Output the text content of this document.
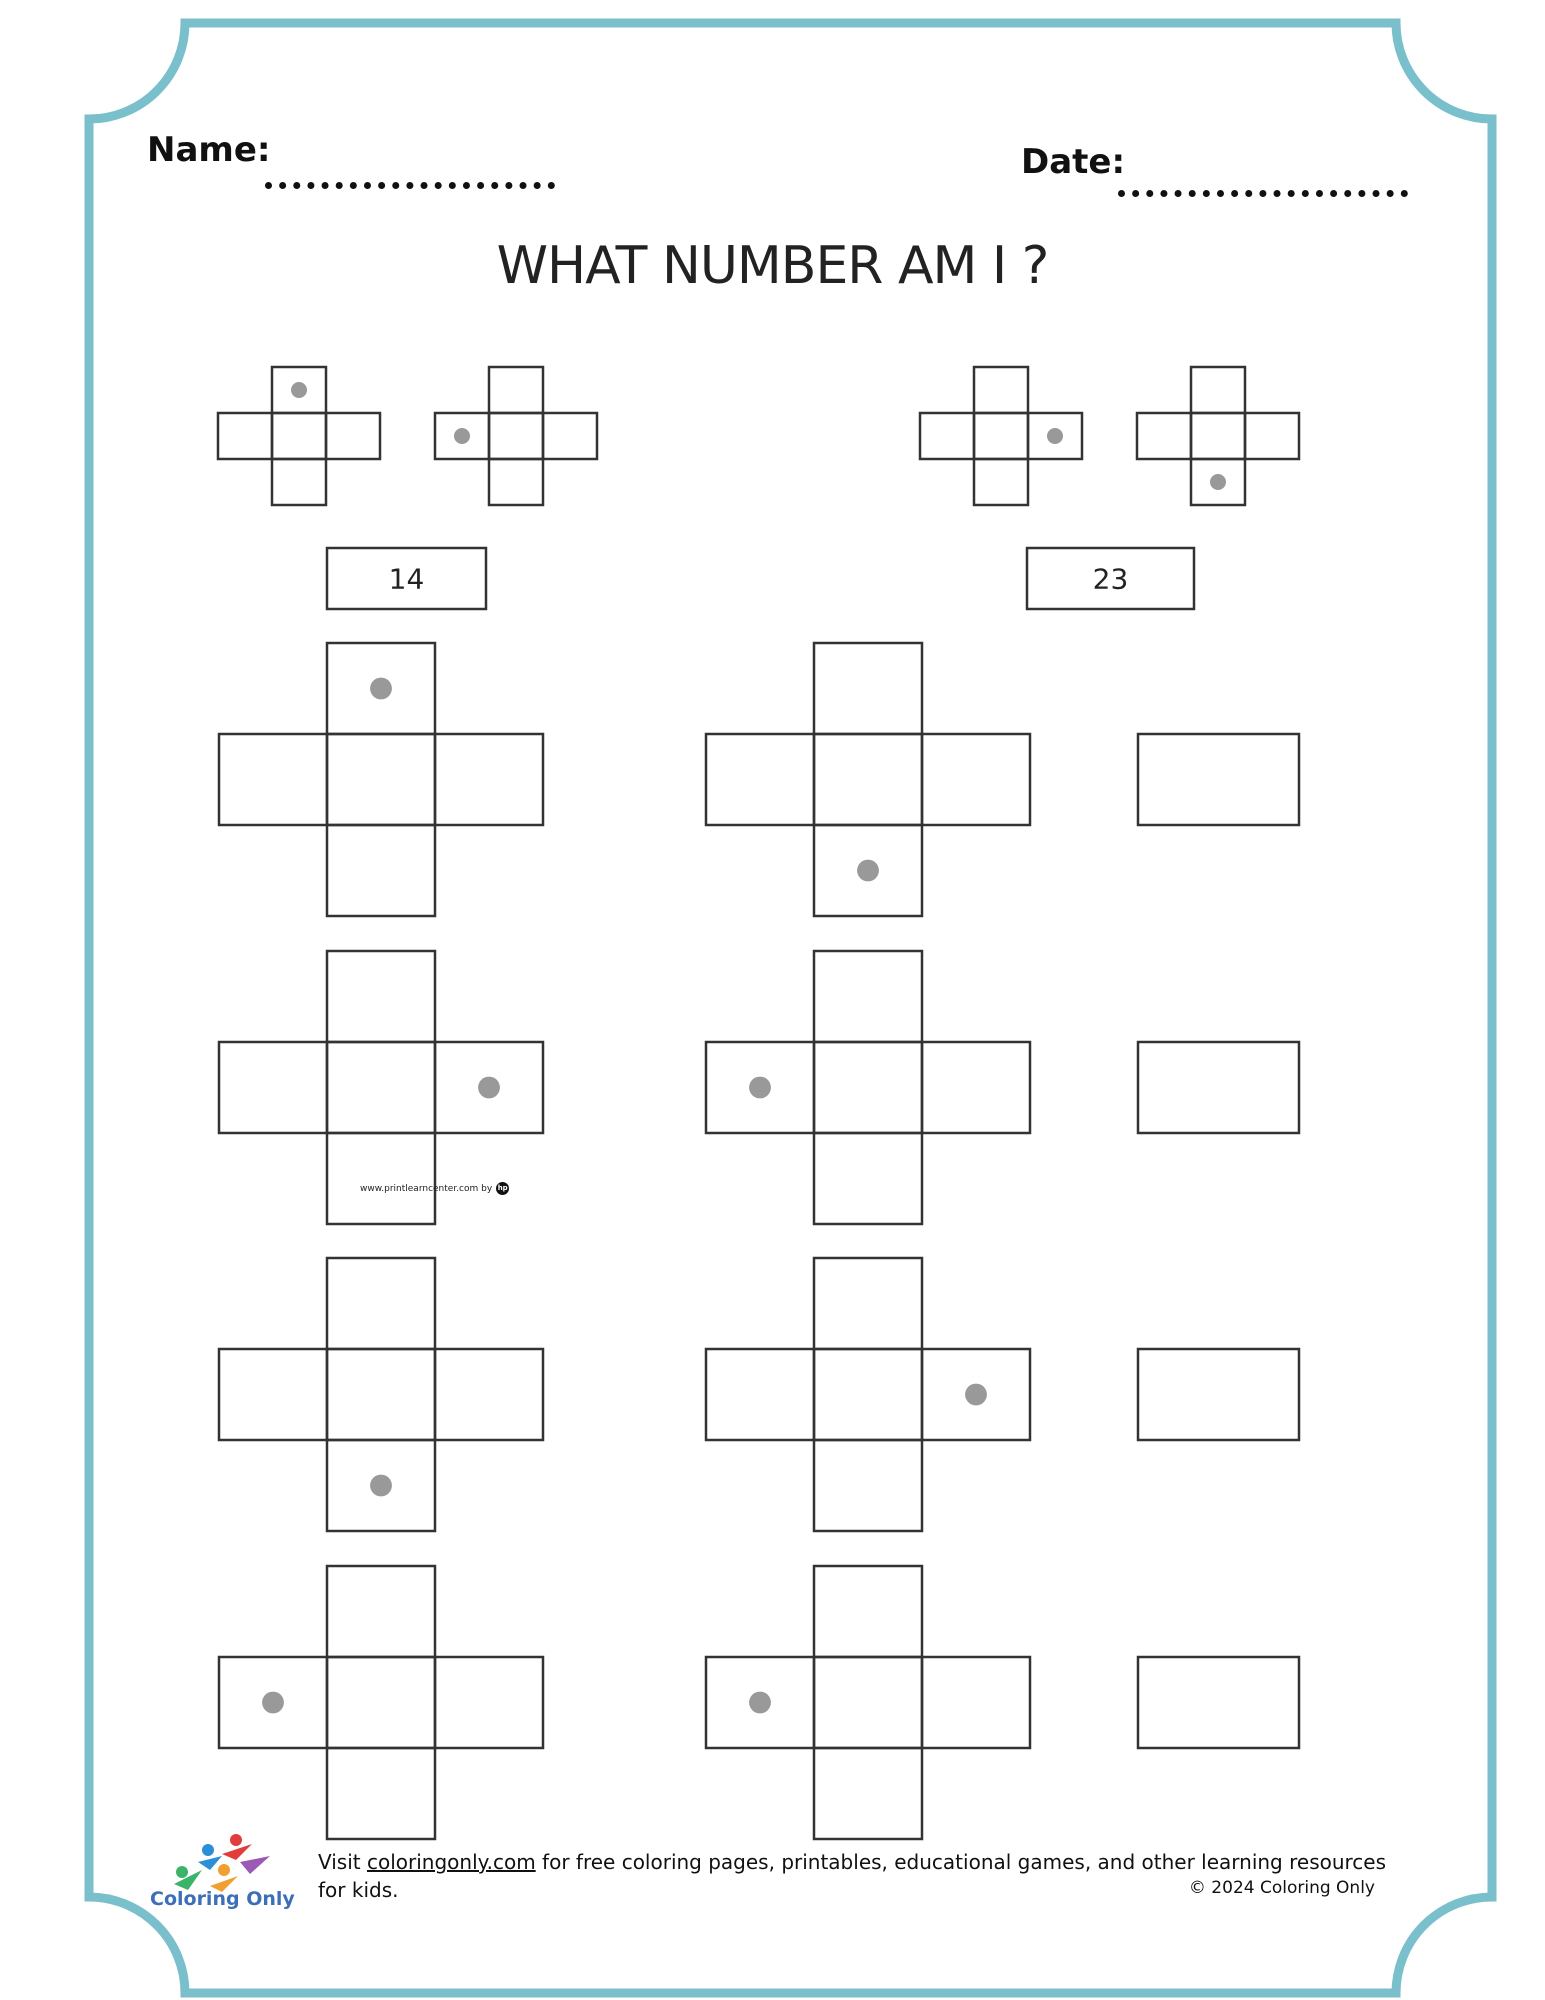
Name:	Date:
WHAT NUMBER AM I ?
14	23
www.printlearncenter.com by hp
Coloring Only
Visit coloringonly.com for free coloring pages, printables, educational games, and other learning resources for kids.	© 2024 Coloring Only
